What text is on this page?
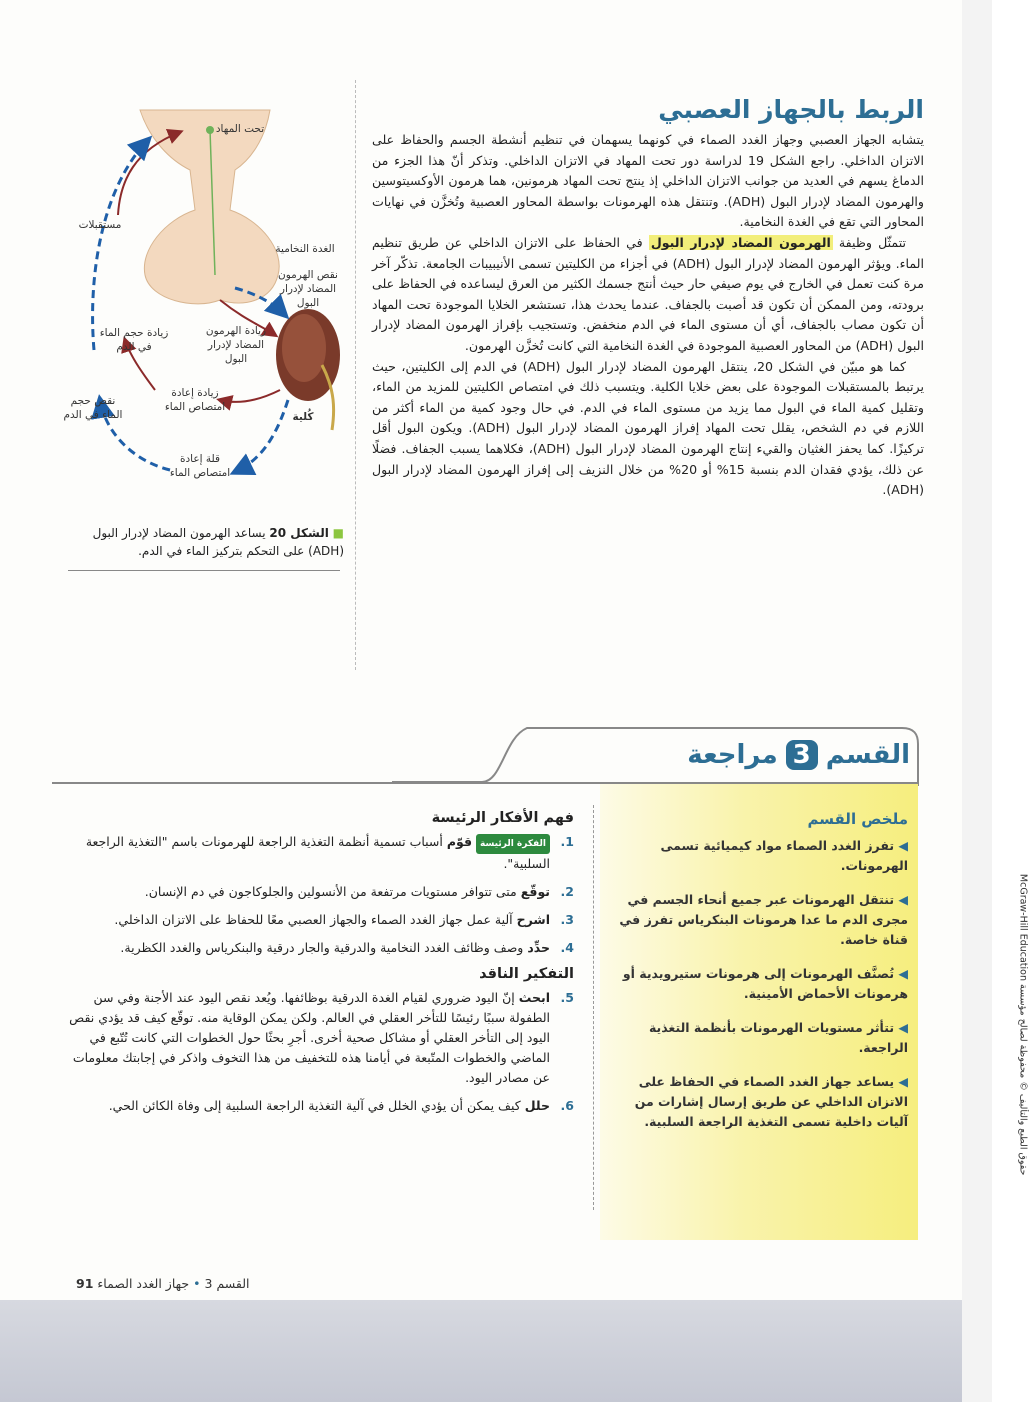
الربط بالجهاز العصبي

يتشابه الجهاز العصبي وجهاز الغدد الصماء في كونهما يسهمان في تنظيم أنشطة الجسم والحفاظ على الاتزان الداخلي. راجع الشكل 19 لدراسة دور تحت المهاد في الاتزان الداخلي. وتذكر أنّ هذا الجزء من الدماغ يسهم في العديد من جوانب الاتزان الداخلي إذ ينتج تحت المهاد هرمونين، هما هرمون الأوكسيتوسين والهرمون المضاد لإدرار البول (ADH). وتنتقل هذه الهرمونات بواسطة المحاور العصبية وتُخزَّن في نهايات المحاور التي تقع في الغدة النخامية.

تتمثّل وظيفة الهرمون المضاد لإدرار البول في الحفاظ على الاتزان الداخلي عن طريق تنظيم الماء. ويؤثر الهرمون المضاد لإدرار البول (ADH) في أجزاء من الكليتين تسمى الأنيبيبات الجامعة. تذكّر آخر مرة كنت تعمل في الخارج في يوم صيفي حار حيث أنتج جسمك الكثير من العرق ليساعده في الحفاظ على برودته، ومن الممكن أن تكون قد أصبت بالجفاف. عندما يحدث هذا، تستشعر الخلايا الموجودة تحت المهاد أن تكون مصاب بالجفاف، أي أن مستوى الماء في الدم منخفض. وتستجيب بإفراز الهرمون المضاد لإدرار البول (ADH) من المحاور العصبية الموجودة في الغدة النخامية التي كانت تُخزَّن الهرمون.

كما هو مبيّن في الشكل 20، ينتقل الهرمون المضاد لإدرار البول (ADH) في الدم إلى الكليتين، حيث يرتبط بالمستقبلات الموجودة على بعض خلايا الكلية. ويتسبب ذلك في امتصاص الكليتين للمزيد من الماء، وتقليل كمية الماء في البول مما يزيد من مستوى الماء في الدم. في حال وجود كمية من الماء أكثر من اللازم في دم الشخص، يقلل تحت المهاد إفراز الهرمون المضاد لإدرار البول (ADH). ويكون البول أقل تركيزًا. كما يحفز الغثيان والقيء إنتاج الهرمون المضاد لإدرار البول (ADH)، فكلاهما يسبب الجفاف. فضلًا عن ذلك، يؤدي فقدان الدم بنسبة 15% أو 20% من خلال النزيف إلى إفراز الهرمون المضاد لإدرار البول (ADH).

تحت المهاد
مستقبلات
الغدة النخامية
نقص الهرمون المضاد لإدرار البول
زيادة الهرمون المضاد لإدرار البول
زيادة حجم الماء في الدم
نقص حجم الماء في الدم
زيادة إعادة امتصاص الماء
كُلية
قلة إعادة امتصاص الماء
■ الشكل 20 يساعد الهرمون المضاد لإدرار البول (ADH) على التحكم بتركيز الماء في الدم.
القسم3مراجعة
ملخص القسم
◀ تفرز الغدد الصماء مواد كيميائية تسمى الهرمونات.
◀ تنتقل الهرمونات عبر جميع أنحاء الجسم في مجرى الدم ما عدا هرمونات البنكرياس تفرز في قناة خاصة.
◀ تُصنَّف الهرمونات إلى هرمونات ستيرويدية أو هرمونات الأحماض الأمينية.
◀ تتأثر مستويات الهرمونات بأنظمة التغذية الراجعة.
◀ يساعد جهاز الغدد الصماء في الحفاظ على الاتزان الداخلي عن طريق إرسال إشارات من آليات داخلية تسمى التغذية الراجعة السلبية.
فهم الأفكار الرئيسة
1.
الفكرة الرئيسةقوّم أسباب تسمية أنظمة التغذية الراجعة للهرمونات باسم "التغذية الراجعة السلبية".
2.
توقّع متى تتوافر مستويات مرتفعة من الأنسولين والجلوكاجون في دم الإنسان.
3.
اشرح آلية عمل جهاز الغدد الصماء والجهاز العصبي معًا للحفاظ على الاتزان الداخلي.
4.
حدِّد وصف وظائف الغدد النخامية والدرقية والجار درقية والبنكرياس والغدد الكظرية.
التفكير الناقد
5.
ابحث إنّ اليود ضروري لقيام الغدة الدرقية بوظائفها. ويُعد نقص اليود عند الأجنة وفي سن الطفولة سببًا رئيسًا للتأخر العقلي في العالم. ولكن يمكن الوقاية منه. توقّع كيف قد يؤدي نقص اليود إلى التأخر العقلي أو مشاكل صحية أخرى. أجرِ بحثًا حول الخطوات التي كانت تُتّبع في الماضي والخطوات المتّبعة في أيامنا هذه للتخفيف من هذا التخوف واذكر في إجابتك معلومات عن مصادر اليود.
6.
حلل كيف يمكن أن يؤدي الخلل في آلية التغذية الراجعة السلبية إلى وفاة الكائن الحي.
القسم 3•جهاز الغدد الصماء 91
حقوق الطبع والتأليف © محفوظة لصالح مؤسسة McGraw-Hill Education
